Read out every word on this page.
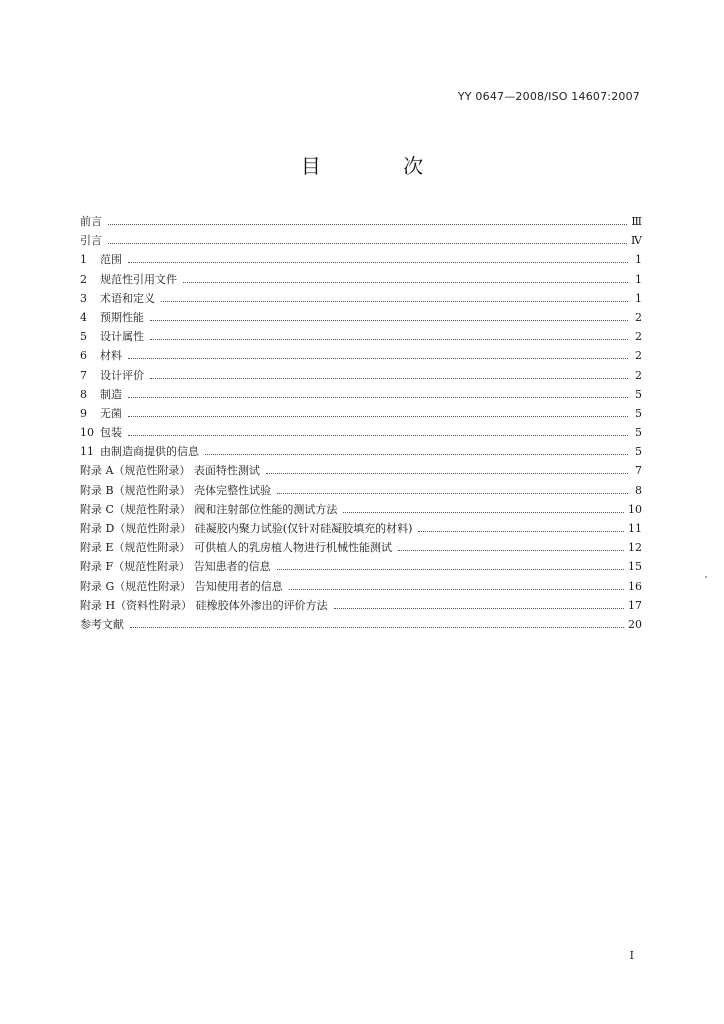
YY 0647—2008/ISO 14607:2007
目 次
前言	Ⅲ
引言	Ⅳ
1	范围	1
2	规范性引用文件	1
3	术语和定义	1
4	预期性能	2
5	设计属性	2
6	材料	2
7	设计评价	2
8	制造	5
9	无菌	5
10 包装	5
11 由制造商提供的信息	5
附录 A（规范性附录） 表面特性测试	7
附录 B（规范性附录） 壳体完整性试验	8
附录 C（规范性附录） 阀和注射部位性能的测试方法	10
附录 D（规范性附录） 硅凝胶内聚力试验(仅针对硅凝胶填充的材料)	11
附录 E（规范性附录） 可供植人的乳房植人物进行机械性能测试	12
附录 F（规范性附录） 告知患者的信息	15
附录 G（规范性附录） 告知使用者的信息	16
附录 H（资料性附录） 硅橡胶体外渗出的评价方法	17
参考文献	20
I
